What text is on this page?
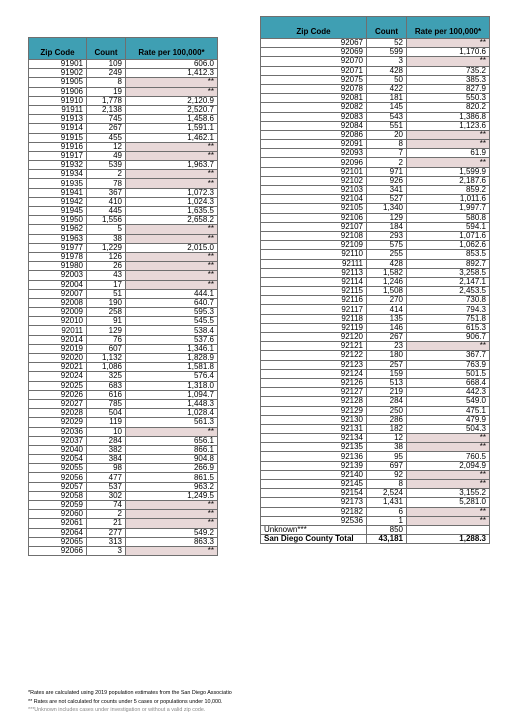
Zip Code	Count	Rate per 100,000*
91901	109	606.0
91902	249	1,412.3
91905	8	**
91906	19	**
91910	1,778	2,120.9
91911	2,138	2,520.7
91913	745	1,458.6
91914	267	1,591.1
91915	455	1,462.1
91916	12	**
91917	49	**
91932	539	1,963.7
91934	2	**
91935	78	**
91941	367	1,072.3
91942	410	1,024.3
91945	445	1,635.5
91950	1,556	2,658.2
91962	5	**
91963	38	**
91977	1,229	2,015.0
91978	126	**
91980	26	**
92003	43	**
92004	17	**
92007	51	444.1
92008	190	640.7
92009	258	595.3
92010	91	545.5
92011	129	538.4
92014	76	537.6
92019	607	1,346.1
92020	1,132	1,828.9
92021	1,086	1,581.8
92024	325	576.4
92025	683	1,318.0
92026	616	1,094.7
92027	785	1,448.3
92028	504	1,028.4
92029	119	561.3
92036	10	**
92037	284	656.1
92040	382	866.1
92054	384	904.8
92055	98	266.9
92056	477	861.5
92057	537	963.2
92058	302	1,249.5
92059	74	**
92060	2	**
92061	21	**
92064	277	549.2
92065	313	863.3
92066	3	**
Zip Code	Count	Rate per 100,000*
92067	52	**
92069	599	1,170.6
92070	3	**
92071	428	735.2
92075	50	385.3
92078	422	827.9
92081	181	550.3
92082	145	820.2
92083	543	1,386.8
92084	551	1,123.6
92086	20	**
92091	8	**
92093	7	61.9
92096	2	**
92101	971	1,599.9
92102	926	2,187.6
92103	341	859.2
92104	527	1,011.6
92105	1,340	1,997.7
92106	129	580.8
92107	184	594.1
92108	293	1,071.6
92109	575	1,062.6
92110	255	853.5
92111	428	892.7
92113	1,582	3,258.5
92114	1,246	2,147.1
92115	1,508	2,453.5
92116	270	730.8
92117	414	794.3
92118	135	751.8
92119	146	615.3
92120	267	906.7
92121	23	**
92122	180	367.7
92123	257	763.9
92124	159	501.5
92126	513	668.4
92127	219	442.3
92128	284	549.0
92129	250	475.1
92130	286	479.9
92131	182	504.3
92134	12	**
92135	38	**
92136	95	760.5
92139	697	2,094.9
92140	92	**
92145	8	**
92154	2,524	3,155.2
92173	1,431	5,281.0
92182	6	**
92536	1	**
Unknown***	850	
San Diego County Total	43,181	1,288.3
*Rates are calculated using 2019 population estimates from the San Diego Associatio
** Rates are not calculated for counts under 5 cases or populations under 10,000.
***Unknown includes cases under investigation or without a valid zip code.
